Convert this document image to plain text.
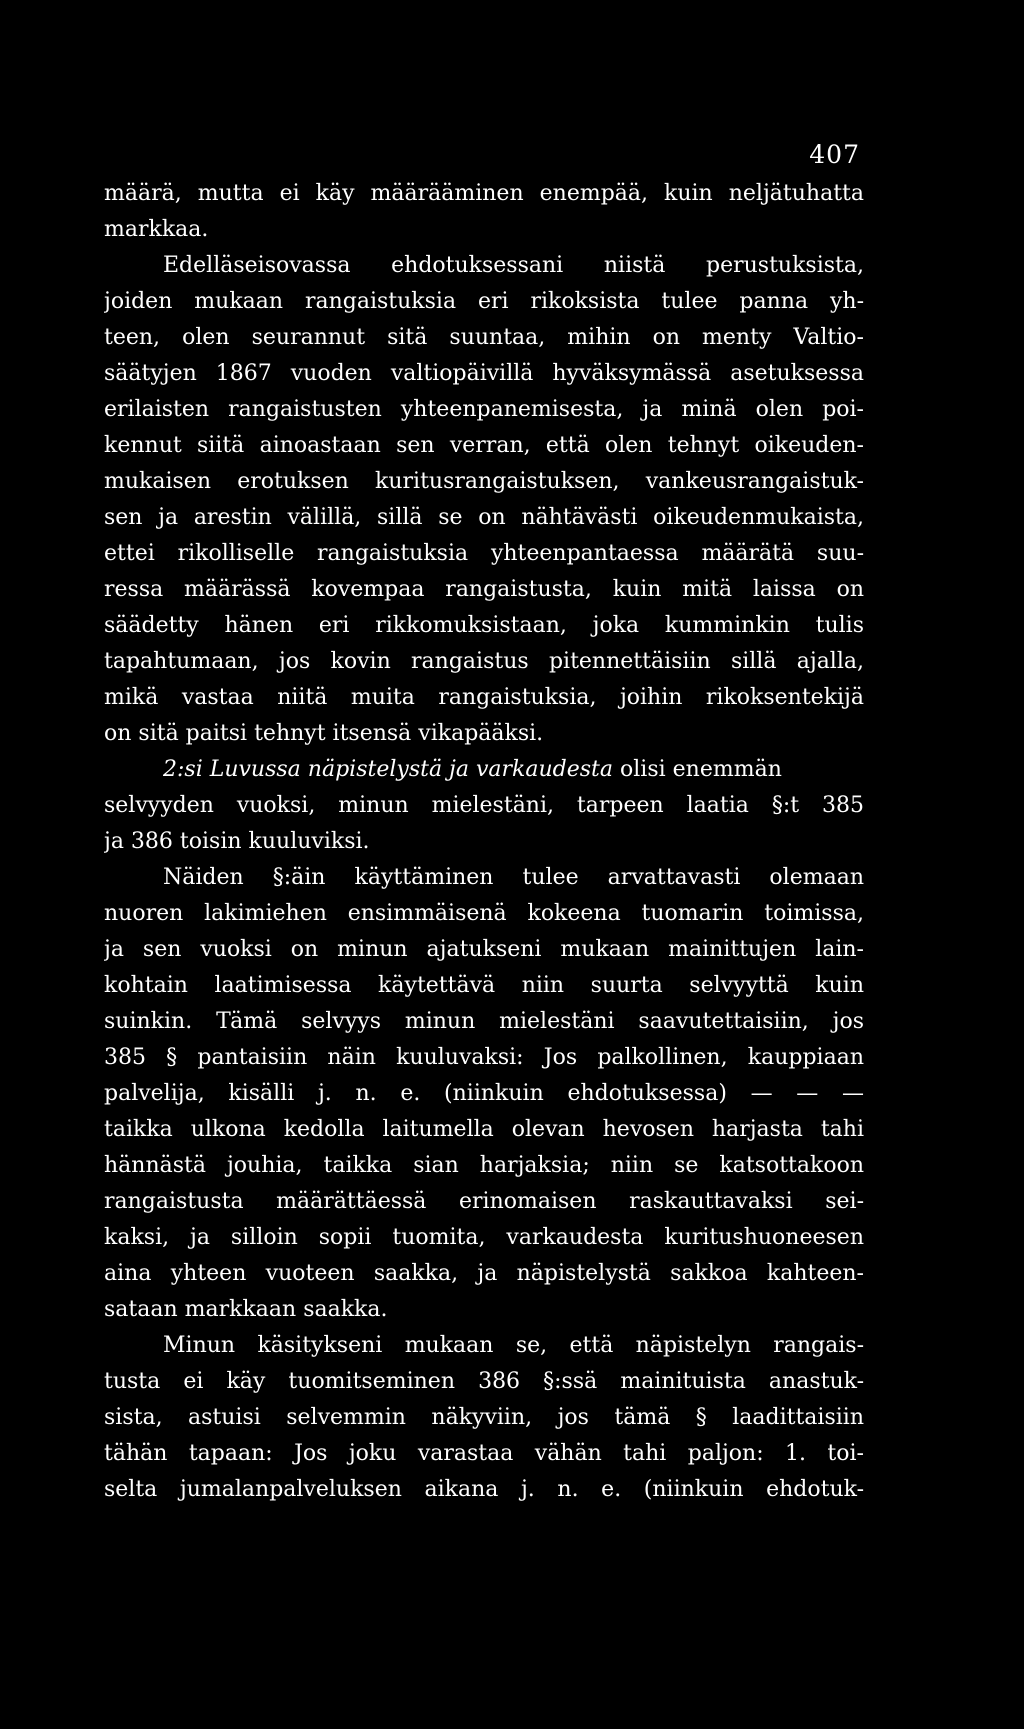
407
määrä, mutta ei käy määrääminen enempää, kuin neljätuhatta
markkaa.
Edelläseisovassa ehdotuksessani niistä perustuksista,
joiden mukaan rangaistuksia eri rikoksista tulee panna yh-
teen, olen seurannut sitä suuntaa, mihin on menty Valtio-
säätyjen 1867 vuoden valtiopäivillä hyväksymässä asetuksessa
erilaisten rangaistusten yhteenpanemisesta, ja minä olen poi-
kennut siitä ainoastaan sen verran, että olen tehnyt oikeuden-
mukaisen erotuksen kuritusrangaistuksen, vankeusrangaistuk-
sen ja arestin välillä, sillä se on nähtävästi oikeudenmukaista,
ettei rikolliselle rangaistuksia yhteenpantaessa määrätä suu-
ressa määrässä kovempaa rangaistusta, kuin mitä laissa on
säädetty hänen eri rikkomuksistaan, joka kumminkin tulis
tapahtumaan, jos kovin rangaistus pitennettäisiin sillä ajalla,
mikä vastaa niitä muita rangaistuksia, joihin rikoksentekijä
on sitä paitsi tehnyt itsensä vikapääksi.
2:si Luvussa näpistelystä ja varkaudesta olisi enemmän
selvyyden vuoksi, minun mielestäni, tarpeen laatia §:t 385
ja 386 toisin kuuluviksi.
Näiden §:äin käyttäminen tulee arvattavasti olemaan
nuoren lakimiehen ensimmäisenä kokeena tuomarin toimissa,
ja sen vuoksi on minun ajatukseni mukaan mainittujen lain-
kohtain laatimisessa käytettävä niin suurta selvyyttä kuin
suinkin. Tämä selvyys minun mielestäni saavutettaisiin, jos
385 § pantaisiin näin kuuluvaksi: Jos palkollinen, kauppiaan
palvelija, kisälli j. n. e. (niinkuin ehdotuksessa) — — —
taikka ulkona kedolla laitumella olevan hevosen harjasta tahi
hännästä jouhia, taikka sian harjaksia; niin se katsottakoon
rangaistusta määrättäessä erinomaisen raskauttavaksi sei-
kaksi, ja silloin sopii tuomita, varkaudesta kuritushuoneesen
aina yhteen vuoteen saakka, ja näpistelystä sakkoa kahteen-
sataan markkaan saakka.
Minun käsitykseni mukaan se, että näpistelyn rangais-
tusta ei käy tuomitseminen 386 §:ssä mainituista anastuk-
sista, astuisi selvemmin näkyviin, jos tämä § laadittaisiin
tähän tapaan: Jos joku varastaa vähän tahi paljon: 1. toi-
selta jumalanpalveluksen aikana j. n. e. (niinkuin ehdotuk-
